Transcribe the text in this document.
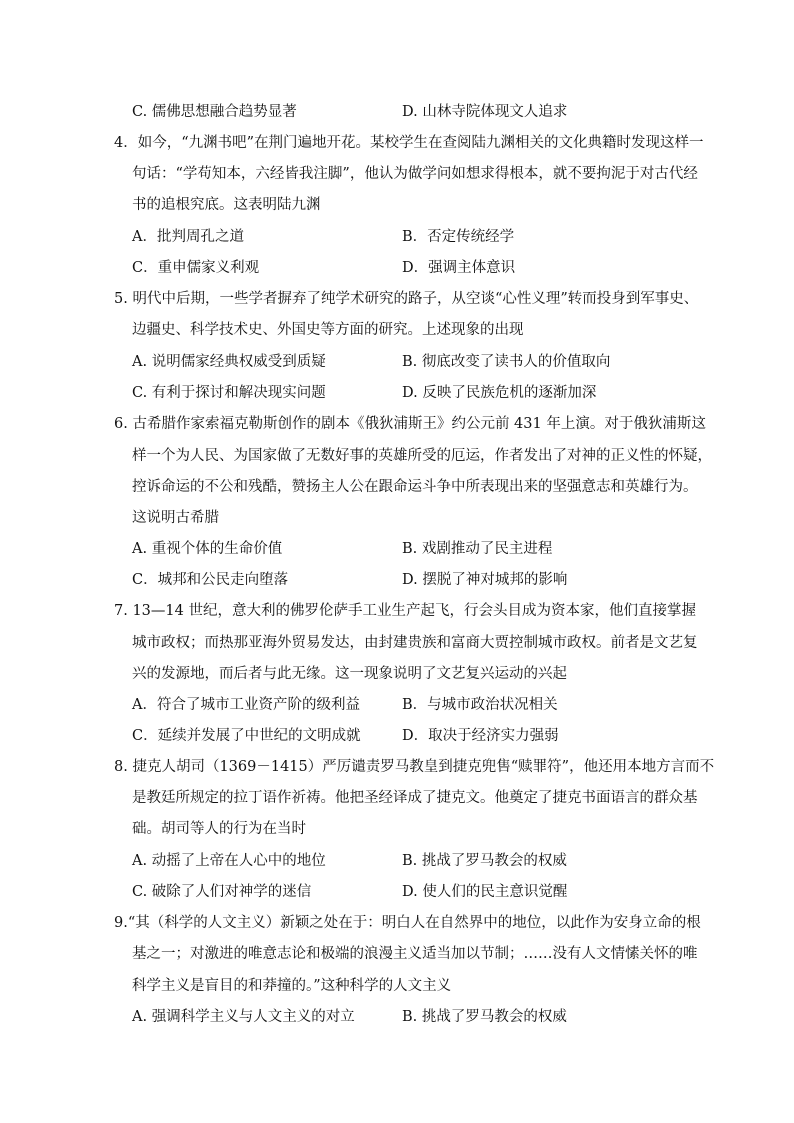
C. 儒佛思想融合趋势显著	D. 山林寺院体现文人追求
4．如今，“九渊书吧”在荆门遍地开花。某校学生在查阅陆九渊相关的文化典籍时发现这样一
句话：“学苟知本，六经皆我注脚”，他认为做学问如想求得根本，就不要拘泥于对古代经
书的追根究底。这表明陆九渊
A．批判周孔之道	B．否定传统经学
C．重申儒家义利观	D．强调主体意识
5. 明代中后期，一些学者摒弃了纯学术研究的路子，从空谈“心性义理”转而投身到军事史、
边疆史、科学技术史、外国史等方面的研究。上述现象的出现
A. 说明儒家经典权威受到质疑	B. 彻底改变了读书人的价值取向
C. 有利于探讨和解决现实问题	D. 反映了民族危机的逐渐加深
6. 古希腊作家索福克勒斯创作的剧本《俄狄浦斯王》约公元前 431 年上演。对于俄狄浦斯这
样一个为人民、为国家做了无数好事的英雄所受的厄运，作者发出了对神的正义性的怀疑，
控诉命运的不公和残酷，赞扬主人公在跟命运斗争中所表现出来的坚强意志和英雄行为。
这说明古希腊
A. 重视个体的生命价值	B. 戏剧推动了民主进程
C．城邦和公民走向堕落	D. 摆脱了神对城邦的影响
7. 13—14 世纪，意大利的佛罗伦萨手工业生产起飞，行会头目成为资本家，他们直接掌握
城市政权；而热那亚海外贸易发达，由封建贵族和富商大贾控制城市政权。前者是文艺复
兴的发源地，而后者与此无缘。这一现象说明了文艺复兴运动的兴起
A．符合了城市工业资产阶的级利益	B．与城市政治状况相关
C．延续并发展了中世纪的文明成就	D．取决于经济实力强弱
8. 捷克人胡司（1369－1415）严厉谴责罗马教皇到捷克兜售“赎罪符”，他还用本地方言而不
是教廷所规定的拉丁语作祈祷。他把圣经译成了捷克文。他奠定了捷克书面语言的群众基
础。胡司等人的行为在当时
A. 动摇了上帝在人心中的地位	B. 挑战了罗马教会的权威
C. 破除了人们对神学的迷信	D. 使人们的民主意识觉醒
9.“其（科学的人文主义）新颖之处在于：明白人在自然界中的地位，以此作为安身立命的根
基之一；对激进的唯意志论和极端的浪漫主义适当加以节制；……没有人文情愫关怀的唯
科学主义是盲目的和莽撞的。”这种科学的人文主义
A. 强调科学主义与人文主义的对立	B. 挑战了罗马教会的权威
